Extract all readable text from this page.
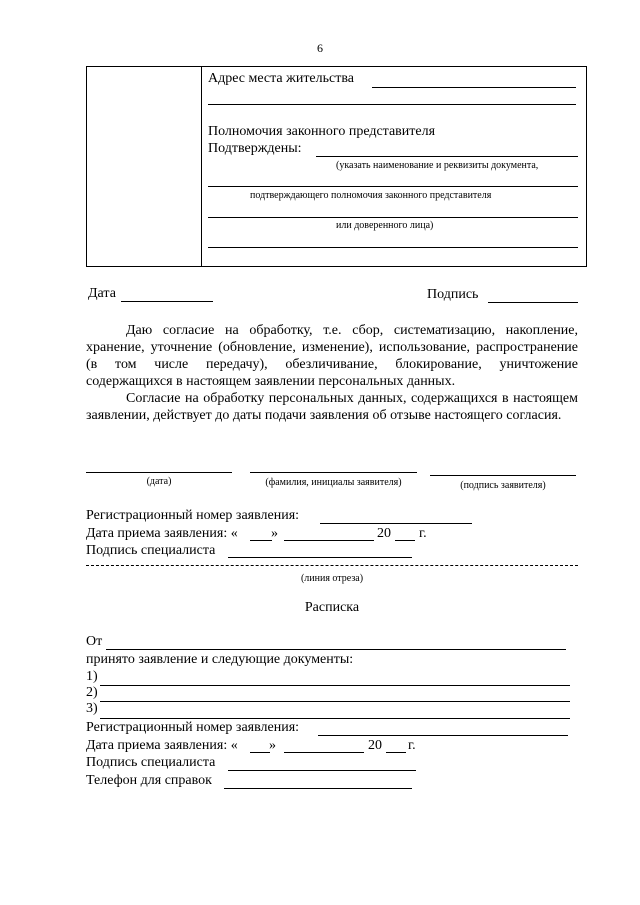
6
Адрес места жительства
Полномочия законного представителя
Подтверждены:
(указать наименование и реквизиты документа,
подтверждающего полномочия законного представителя
или доверенного лица)
Дата	Подпись

Даю согласие на обработку, т.е. сбор, систематизацию, накопление, хранение, уточнение (обновление, изменение), использование, распространение (в том числе передачу), обезличивание, блокирование, уничтожение содержащихся в настоящем заявлении персональных данных.

Согласие на обработку персональных данных, содержащихся в настоящем заявлении, действует до даты подачи заявления об отзыве настоящего согласия.

(дата)	(фамилия, инициалы заявителя)	(подпись заявителя)
Регистрационный номер заявления:
Дата приема заявления: « »	20 г.
Подпись специалиста
(линия отреза)
Расписка
От
принято заявление и следующие документы:
1)
2)
3)
Регистрационный номер заявления:
Дата приема заявления: « »	20 г.
Подпись специалиста
Телефон для справок
